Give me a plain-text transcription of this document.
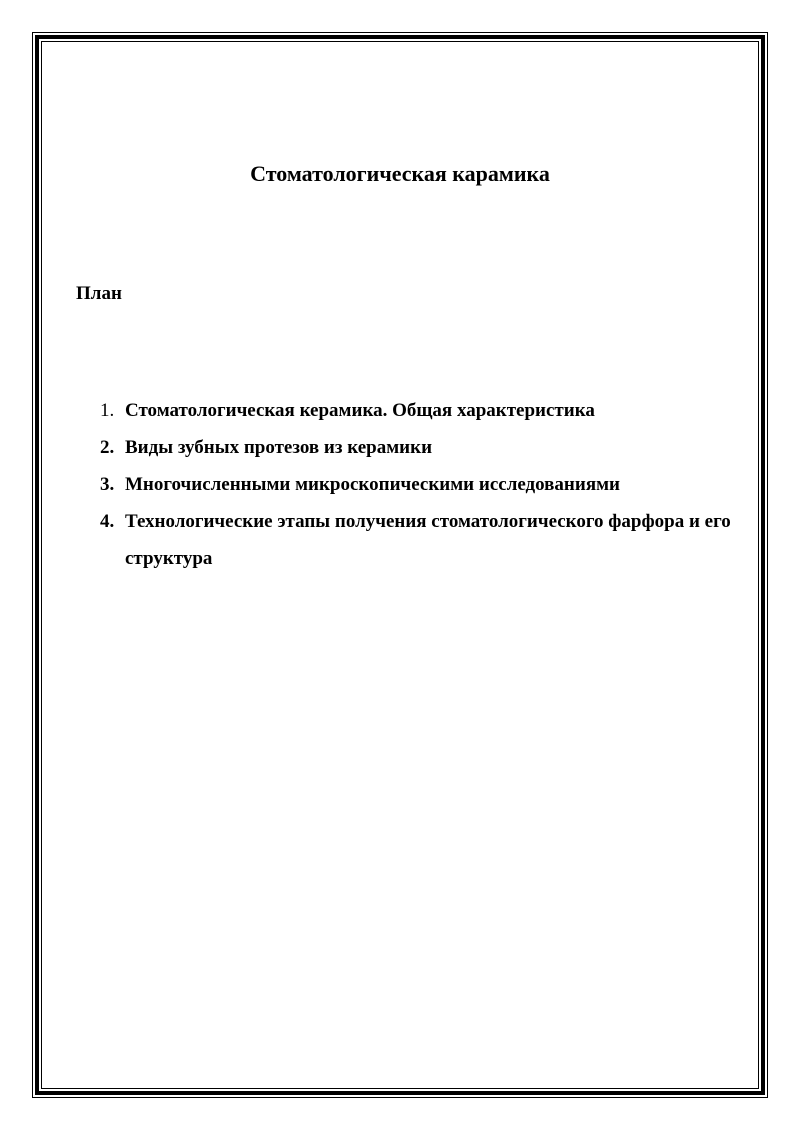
Стоматологическая карамика
План
1. Стоматологическая керамика. Общая характеристика
2. Виды зубных протезов из керамики
3. Многочисленными микроскопическими исследованиями
4. Технологические этапы получения стоматологического фарфора и его структура
